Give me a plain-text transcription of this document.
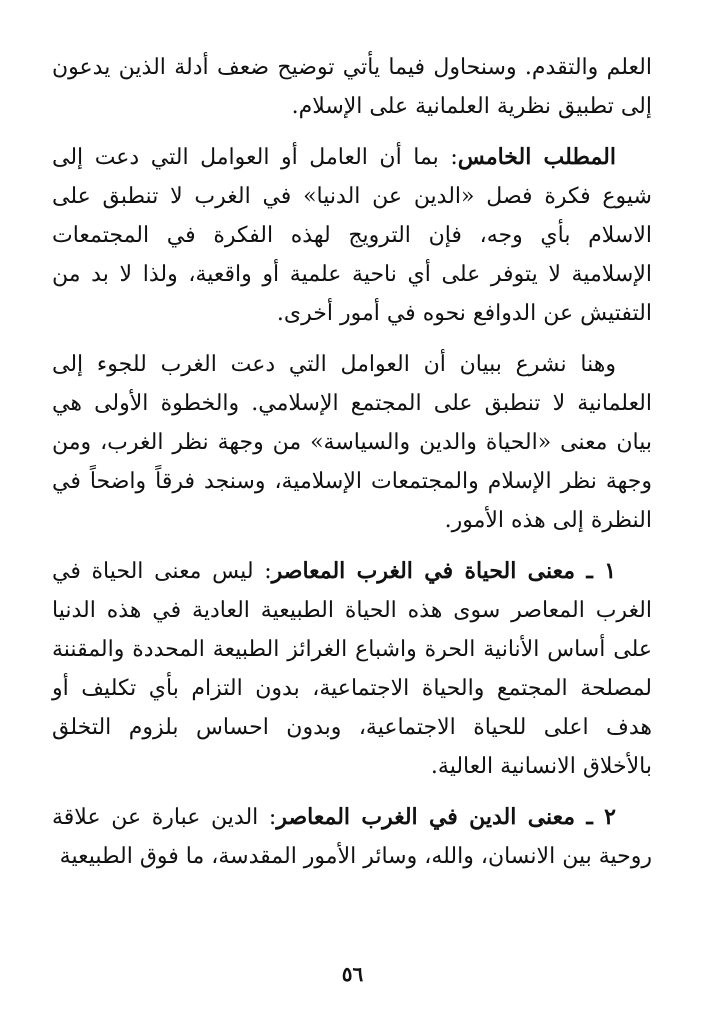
العلم والتقدم. وسنحاول فيما يأتي توضيح ضعف أدلة الذين يدعون إلى تطبيق نظرية العلمانية على الإسلام.

المطلب الخامس: بما أن العامل أو العوامل التي دعت إلى شيوع فكرة فصل «الدين عن الدنيا» في الغرب لا تنطبق على الاسلام بأي وجه، فإن الترويج لهذه الفكرة في المجتمعات الإسلامية لا يتوفر على أي ناحية علمية أو واقعية، ولذا لا بد من التفتيش عن الدوافع نحوه في أمور أخرى.

وهنا نشرع ببيان أن العوامل التي دعت الغرب للجوء إلى العلمانية لا تنطبق على المجتمع الإسلامي. والخطوة الأولى هي بيان معنى «الحياة والدين والسياسة» من وجهة نظر الغرب، ومن وجهة نظر الإسلام والمجتمعات الإسلامية، وسنجد فرقاً واضحاً في النظرة إلى هذه الأمور.

١ ـ معنى الحياة في الغرب المعاصر: ليس معنى الحياة في الغرب المعاصر سوى هذه الحياة الطبيعية العادية في هذه الدنيا على أساس الأنانية الحرة واشباع الغرائز الطبيعة المحددة والمقننة لمصلحة المجتمع والحياة الاجتماعية، بدون التزام بأي تكليف أو هدف اعلى للحياة الاجتماعية، وبدون احساس بلزوم التخلق بالأخلاق الانسانية العالية.

٢ ـ معنى الدين في الغرب المعاصر: الدين عبارة عن علاقة روحية بين الانسان، والله، وسائر الأمور المقدسة، ما فوق الطبيعية

٥٦
